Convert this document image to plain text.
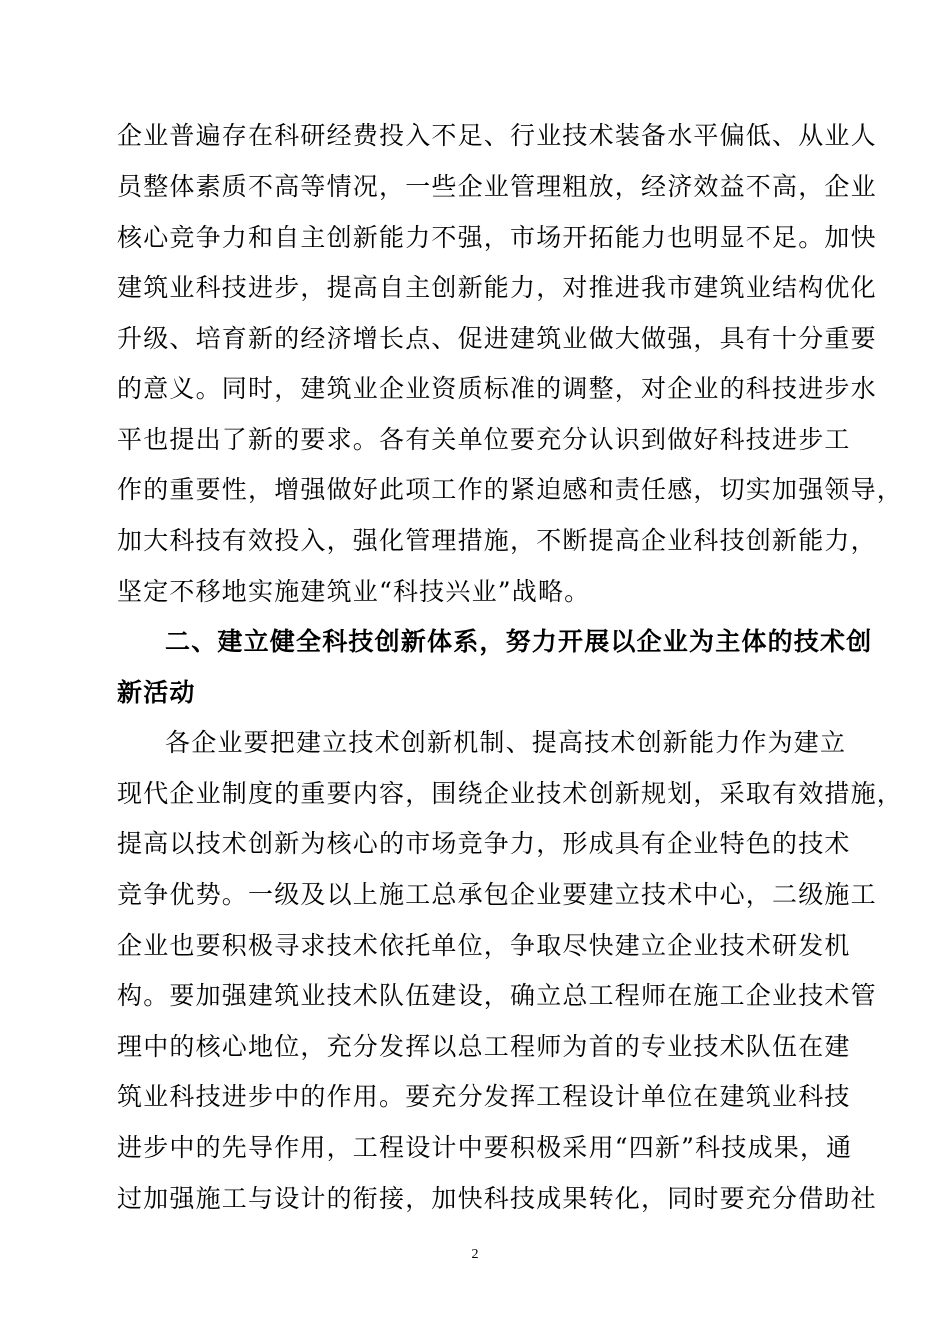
企业普遍存在科研经费投入不足、行业技术装备水平偏低、从业人
员整体素质不高等情况，一些企业管理粗放，经济效益不高，企业
核心竞争力和自主创新能力不强，市场开拓能力也明显不足。加快
建筑业科技进步，提高自主创新能力，对推进我市建筑业结构优化
升级、培育新的经济增长点、促进建筑业做大做强，具有十分重要
的意义。同时，建筑业企业资质标准的调整，对企业的科技进步水
平也提出了新的要求。各有关单位要充分认识到做好科技进步工
作的重要性，增强做好此项工作的紧迫感和责任感，切实加强领导，
加大科技有效投入，强化管理措施，不断提高企业科技创新能力，
坚定不移地实施建筑业“科技兴业”战略。
二、建立健全科技创新体系，努力开展以企业为主体的技术创
新活动
各企业要把建立技术创新机制、提高技术创新能力作为建立
现代企业制度的重要内容，围绕企业技术创新规划，采取有效措施，
提高以技术创新为核心的市场竞争力，形成具有企业特色的技术
竞争优势。一级及以上施工总承包企业要建立技术中心，二级施工
企业也要积极寻求技术依托单位，争取尽快建立企业技术研发机
构。要加强建筑业技术队伍建设，确立总工程师在施工企业技术管
理中的核心地位，充分发挥以总工程师为首的专业技术队伍在建
筑业科技进步中的作用。要充分发挥工程设计单位在建筑业科技
进步中的先导作用，工程设计中要积极采用“四新”科技成果，通
过加强施工与设计的衔接，加快科技成果转化，同时要充分借助社
2
